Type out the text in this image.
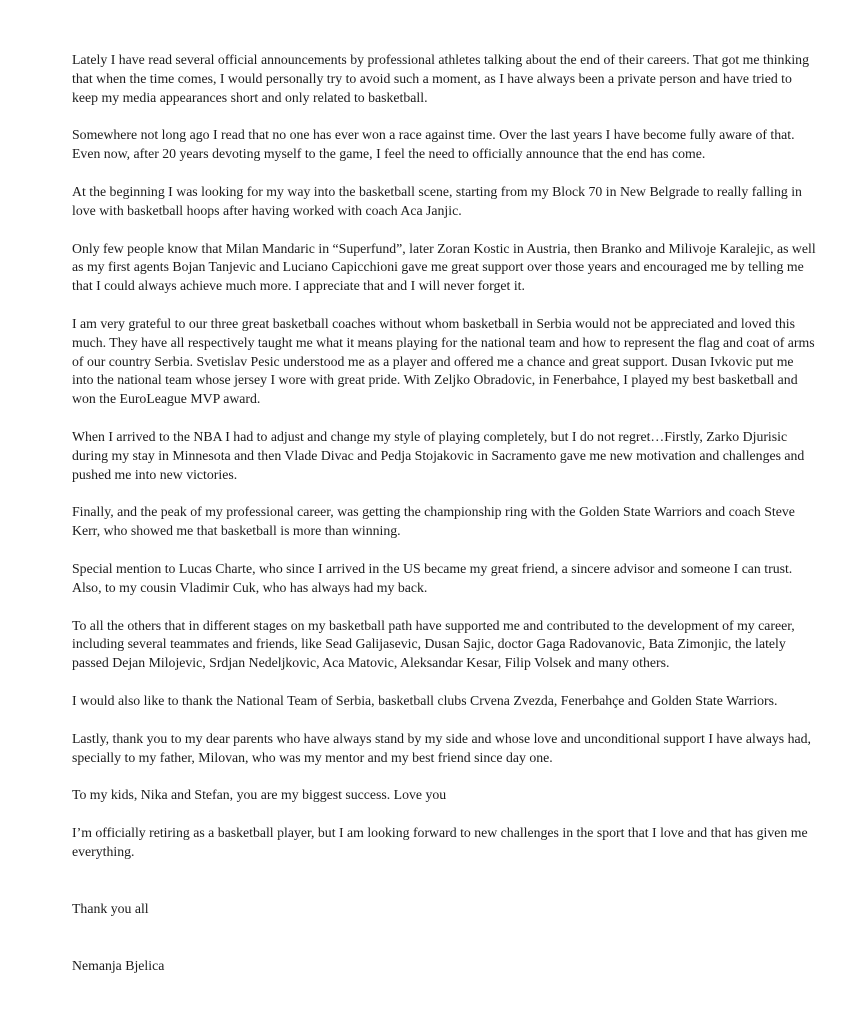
Lately I have read several official announcements by professional athletes talking about the end of their careers. That got me thinking that when the time comes, I would personally try to avoid such a moment, as I have always been a private person and have tried to keep my media appearances short and only related to basketball.

Somewhere not long ago I read that no one has ever won a race against time. Over the last years I have become fully aware of that. Even now, after 20 years devoting myself to the game, I feel the need to officially announce that the end has come.

At the beginning I was looking for my way into the basketball scene, starting from my Block 70 in New Belgrade to really falling in love with basketball hoops after having worked with coach Aca Janjic.

Only few people know that Milan Mandaric in “Superfund”, later Zoran Kostic in Austria, then Branko and Milivoje Karalejic, as well as my first agents Bojan Tanjevic and Luciano Capicchioni gave me great support over those years and encouraged me by telling me that I could always achieve much more. I appreciate that and I will never forget it.

I am very grateful to our three great basketball coaches without whom basketball in Serbia would not be appreciated and loved this much. They have all respectively taught me what it means playing for the national team and how to represent the flag and coat of arms of our country Serbia. Svetislav Pesic understood me as a player and offered me a chance and great support. Dusan Ivkovic put me into the national team whose jersey I wore with great pride. With Zeljko Obradovic, in Fenerbahce, I played my best basketball and won the EuroLeague MVP award.

When I arrived to the NBA I had to adjust and change my style of playing completely, but I do not regret…Firstly, Zarko Djurisic during my stay in Minnesota and then Vlade Divac and Pedja Stojakovic in Sacramento gave me new motivation and challenges and pushed me into new victories.

Finally, and the peak of my professional career, was getting the championship ring with the Golden State Warriors and coach Steve Kerr, who showed me that basketball is more than winning.

Special mention to Lucas Charte, who since I arrived in the US became my great friend, a sincere advisor and someone I can trust. Also, to my cousin Vladimir Cuk, who has always had my back.

To all the others that in different stages on my basketball path have supported me and contributed to the development of my career, including several teammates and friends, like Sead Galijasevic, Dusan Sajic, doctor Gaga Radovanovic, Bata Zimonjic, the lately passed Dejan Milojevic, Srdjan Nedeljkovic, Aca Matovic, Aleksandar Kesar, Filip Volsek and many others.

I would also like to thank the National Team of Serbia, basketball clubs Crvena Zvezda, Fenerbahçe and Golden State Warriors.

Lastly, thank you to my dear parents who have always stand by my side and whose love and unconditional support I have always had, specially to my father, Milovan, who was my mentor and my best friend since day one.

To my kids, Nika and Stefan, you are my biggest success. Love you

I’m officially retiring as a basketball player, but I am looking forward to new challenges in the sport that I love and that has given me everything.

Thank you all

Nemanja Bjelica
